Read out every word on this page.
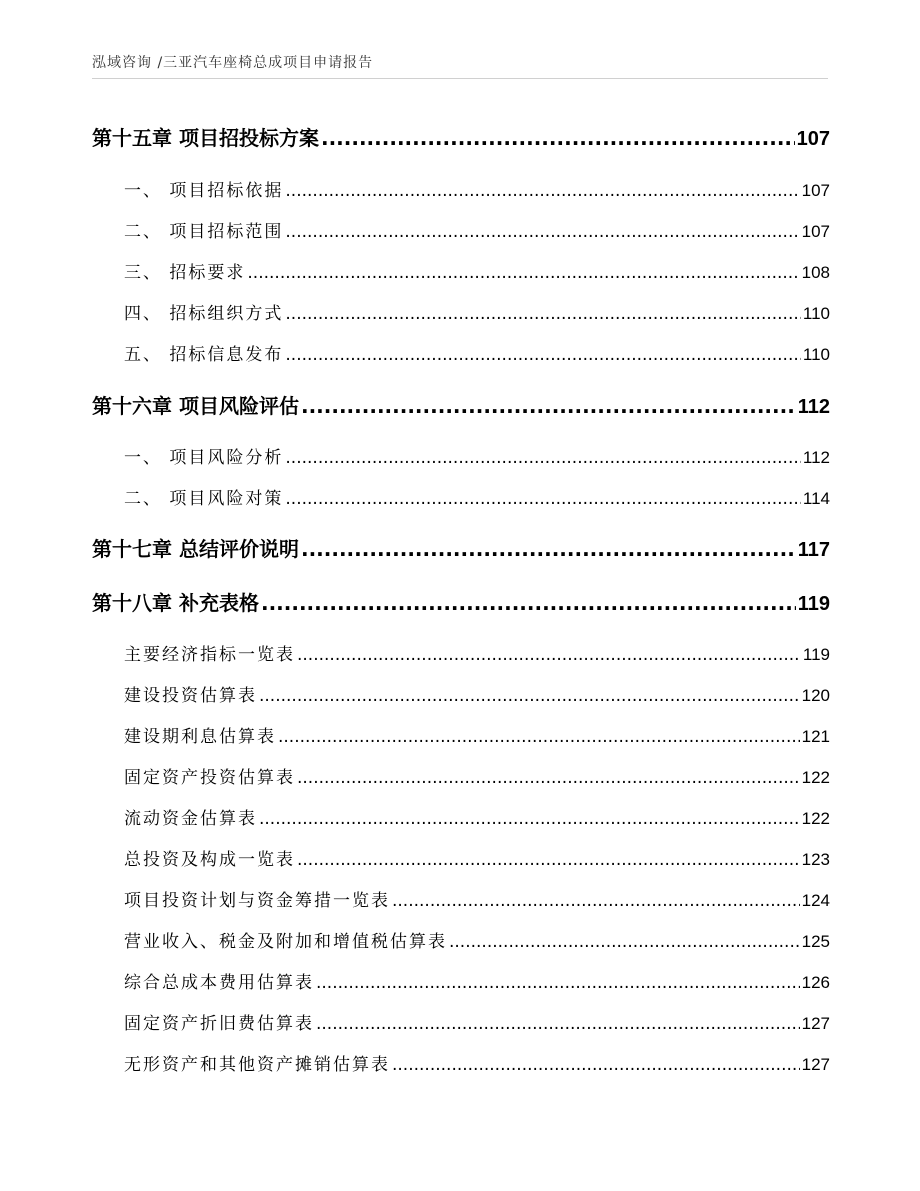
泓域咨询 /三亚汽车座椅总成项目申请报告
第十五章 项目招投标方案 .....	107
一、 项目招标依据 .....	107
二、 项目招标范围 .....	107
三、 招标要求 .....	108
四、 招标组织方式 .....	110
五、 招标信息发布 .....	110
第十六章 项目风险评估 .....	112
一、 项目风险分析 .....	112
二、 项目风险对策 .....	114
第十七章 总结评价说明 .....	117
第十八章 补充表格 .....	119
主要经济指标一览表 .....	119
建设投资估算表 .....	120
建设期利息估算表 .....	121
固定资产投资估算表 .....	122
流动资金估算表 .....	122
总投资及构成一览表 .....	123
项目投资计划与资金筹措一览表 .....	124
营业收入、税金及附加和增值税估算表 .....	125
综合总成本费用估算表 .....	126
固定资产折旧费估算表 .....	127
无形资产和其他资产摊销估算表 .....	127
